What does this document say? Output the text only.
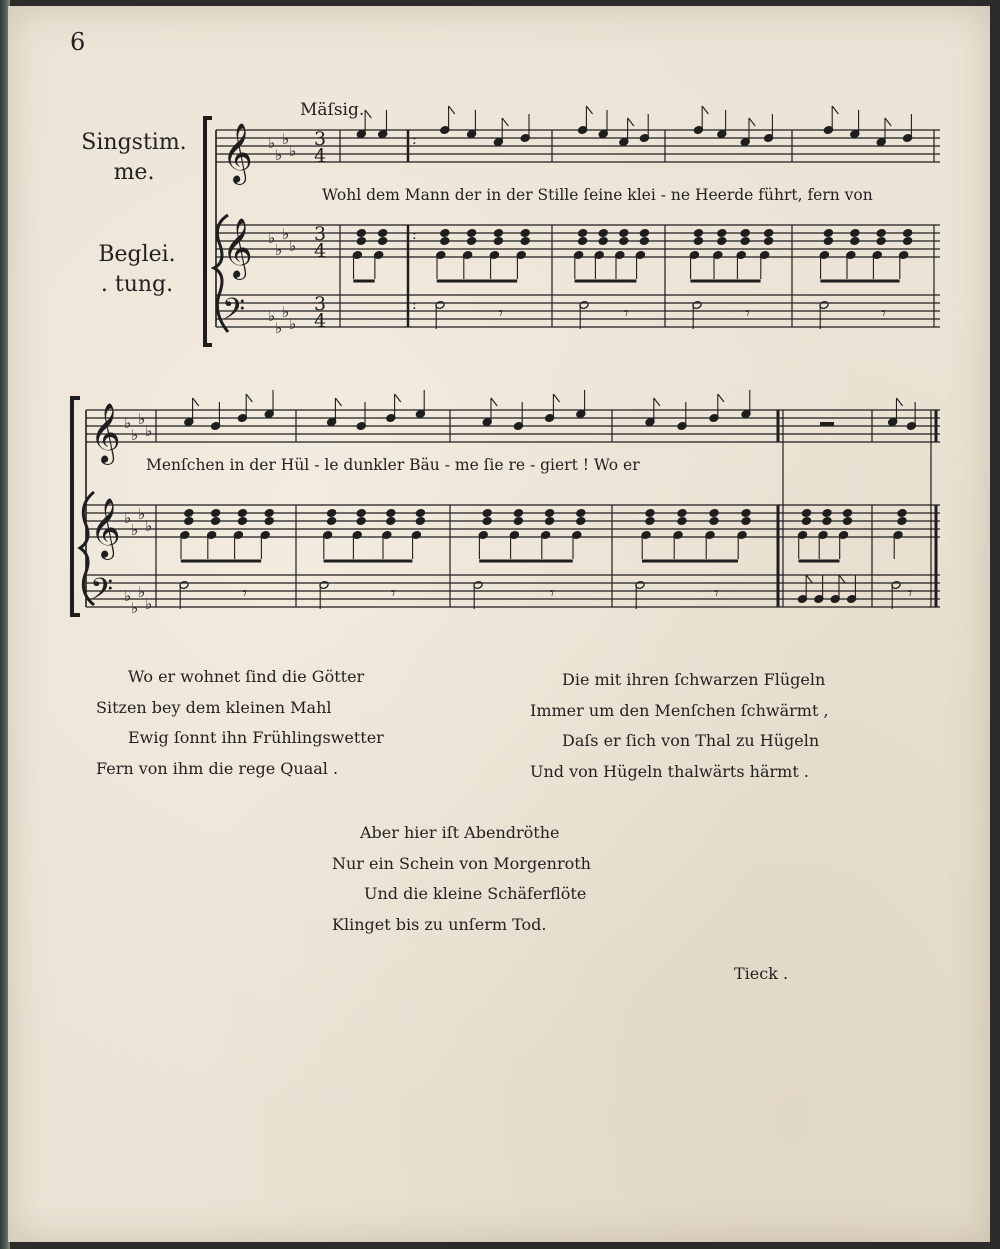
6
Mäſsig.
Singstim.
me.
Beglei.
. tung.
𝄞
𝄞
𝄢
♭
♭
♭
♭
♭
♭
♭
♭
♭
♭
♭
♭
3
4
3
4
3
4
:
:
:	𝄾	𝄾	𝄾	𝄾
𝄞
𝄞
𝄢
♭
♭
♭
♭
♭
♭
♭
♭
♭
♭
♭
♭	𝄾	𝄾	𝄾	𝄾	𝄾
Wohl dem Mann der in der Stille ſeine klei - ne Heerde führt, fern von
Menſchen in der Hül - le dunkler Bäu - me ſie re - giert ! Wo er
Wo er wohnet ſind die Götter
Sitzen bey dem kleinen Mahl
Ewig ſonnt ihn Frühlingswetter
Fern von ihm die rege Quaal .
Die mit ihren ſchwarzen Flügeln
Immer um den Menſchen ſchwärmt ,
Daſs er ſich von Thal zu Hügeln
Und von Hügeln thalwärts härmt .
Aber hier iſt Abendröthe
Nur ein Schein von Morgenroth
Und die kleine Schäferflöte
Klinget bis zu unſerm Tod.
Tieck .
